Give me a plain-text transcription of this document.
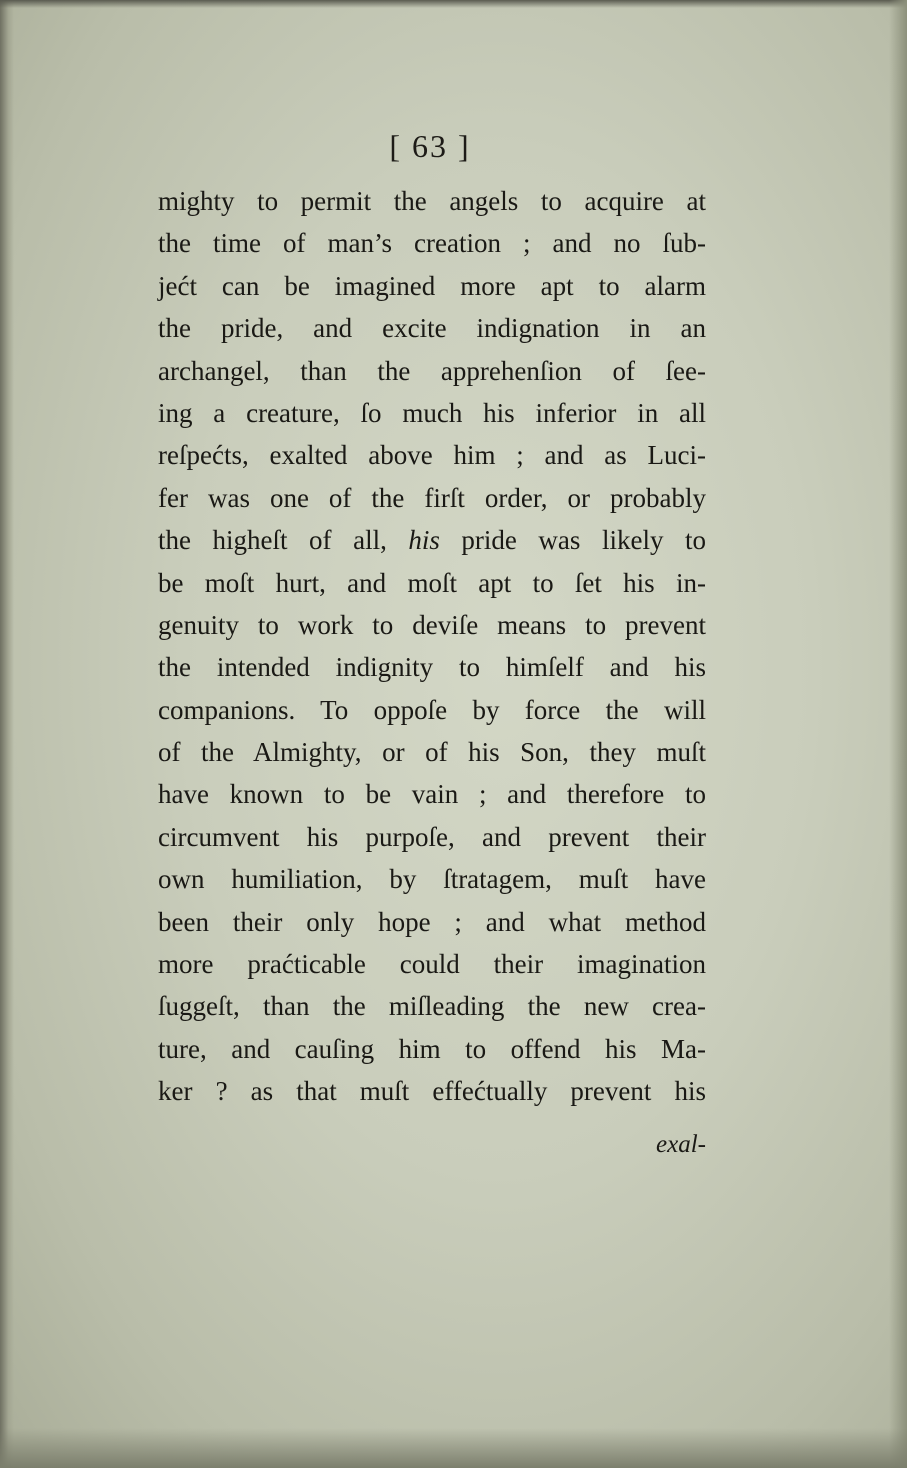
[ 63 ]
mighty to permit the angels to acquire at
the time of man’s creation ; and no ſub-
jećt can be imagined more apt to alarm
the pride, and excite indignation in an
archangel, than the apprehenſion of ſee-
ing a creature, ſo much his inferior in all
reſpećts, exalted above him ; and as Luci-
fer was one of the firſt order, or probably
the higheſt of all, his pride was likely to
be moſt hurt, and moſt apt to ſet his in-
genuity to work to deviſe means to prevent
the intended indignity to himſelf and his
companions. To oppoſe by force the will
of the Almighty, or of his Son, they muſt
have known to be vain ; and therefore to
circumvent his purpoſe, and prevent their
own humiliation, by ſtratagem, muſt have
been their only hope ; and what method
more praćticable could their imagination
ſuggeſt, than the miſleading the new crea-
ture, and cauſing him to offend his Ma-
ker ? as that muſt effećtually prevent his
exal-
